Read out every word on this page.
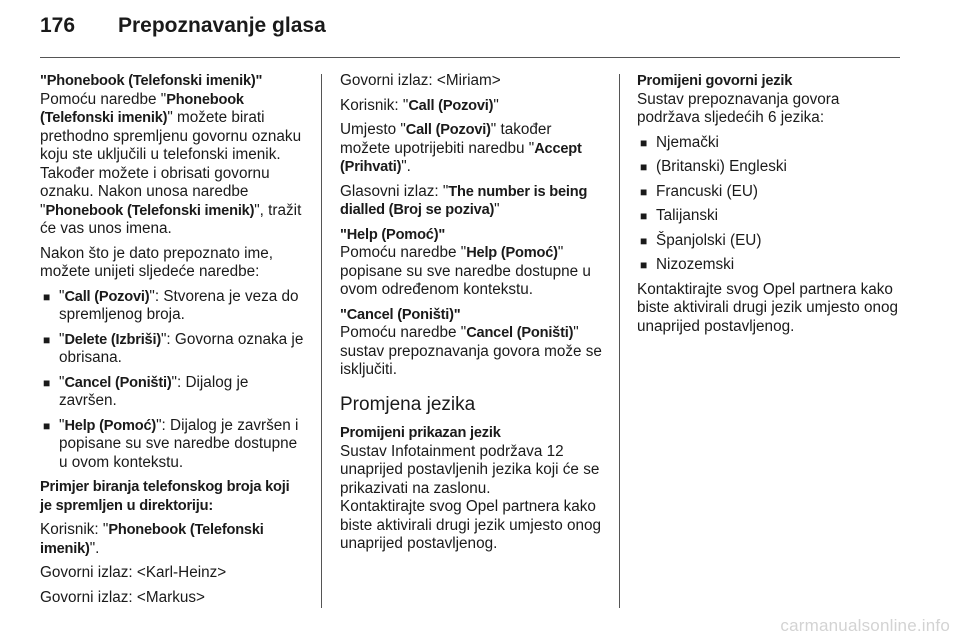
176 Prepoznavanje glasa

"Phonebook (Telefonski imenik)"

Pomoću naredbe "Phonebook (Telefonski imenik)" možete birati prethodno spremljenu govornu oznaku koju ste uključili u telefonski imenik. Također možete i obrisati govornu oznaku. Nakon unosa naredbe "Phonebook (Telefonski imenik)", tražit će vas unos imena.

Nakon što je dato prepoznato ime, možete unijeti sljedeće naredbe:

■ "Call (Pozovi)": Stvorena je veza do spremljenog broja.
■ "Delete (Izbriši)": Govorna oznaka je obrisana.
■ "Cancel (Poništi)": Dijalog je završen.
■ "Help (Pomoć)": Dijalog je završen i popisane su sve naredbe dostupne u ovom kontekstu.

Primjer biranja telefonskog broja koji je spremljen u direktoriju:

Korisnik: "Phonebook (Telefonski imenik)".

Govorni izlaz: <Karl-Heinz>

Govorni izlaz: <Markus>

Govorni izlaz: <Miriam>

Korisnik: "Call (Pozovi)"

Umjesto "Call (Pozovi)" također možete upotrijebiti naredbu "Accept (Prihvati)".

Glasovni izlaz: "The number is being dialled (Broj se poziva)"

"Help (Pomoć)"

Pomoću naredbe "Help (Pomoć)" popisane su sve naredbe dostupne u ovom određenom kontekstu.

"Cancel (Poništi)"

Pomoću naredbe "Cancel (Poništi)" sustav prepoznavanja govora može se isključiti.

Promjena jezika

Promijeni prikazan jezik

Sustav Infotainment podržava 12 unaprijed postavljenih jezika koji će se prikazivati na zaslonu.

Kontaktirajte svog Opel partnera kako biste aktivirali drugi jezik umjesto onog unaprijed postavljenog.

Promijeni govorni jezik

Sustav prepoznavanja govora podržava sljedećih 6 jezika:

■ Njemački
■ (Britanski) Engleski
■ Francuski (EU)
■ Talijanski
■ Španjolski (EU)
■ Nizozemski

Kontaktirajte svog Opel partnera kako biste aktivirali drugi jezik umjesto onog unaprijed postavljenog.

carmanualsonline.info
